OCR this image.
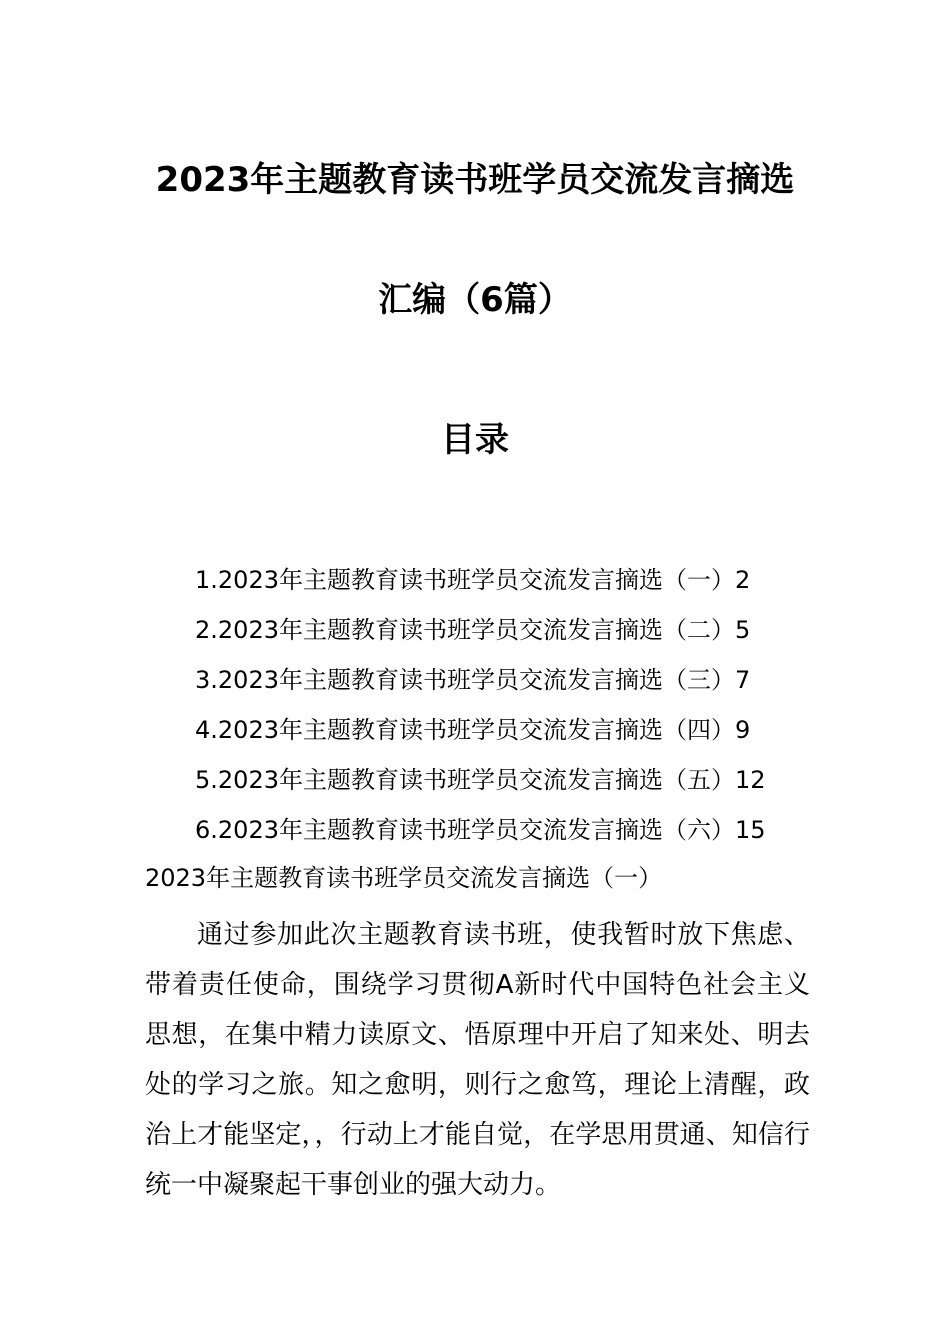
2023年主题教育读书班学员交流发言摘选
汇编（6篇）
目录
1.2023年主题教育读书班学员交流发言摘选（一）2
2.2023年主题教育读书班学员交流发言摘选（二）5
3.2023年主题教育读书班学员交流发言摘选（三）7
4.2023年主题教育读书班学员交流发言摘选（四）9
5.2023年主题教育读书班学员交流发言摘选（五）12
6.2023年主题教育读书班学员交流发言摘选（六）15
2023年主题教育读书班学员交流发言摘选（一）

通过参加此次主题教育读书班，使我暂时放下焦虑、带着责任使命，围绕学习贯彻A新时代中国特色社会主义思想，在集中精力读原文、悟原理中开启了知来处、明去处的学习之旅。知之愈明，则行之愈笃，理论上清醒，政治上才能坚定，，行动上才能自觉，在学思用贯通、知信行统一中凝聚起干事创业的强大动力。
